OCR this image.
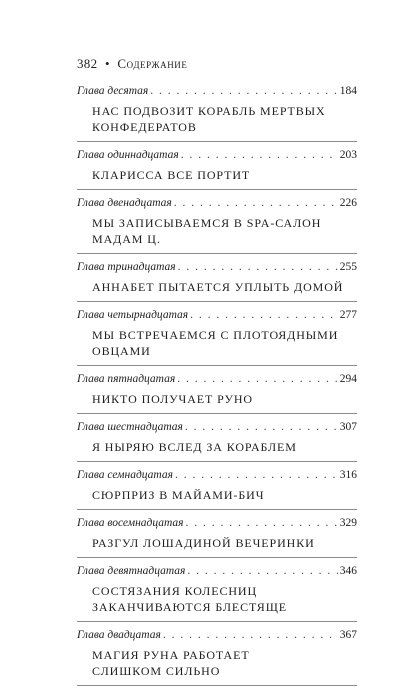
382 • Содержание
Глава десятая . . .	184
НАС ПОДВОЗИТ КОРАБЛЬ МЕРТВЫХ
КОНФЕДЕРАТОВ
Глава одиннадцатая . . .	203
КЛАРИССА ВСЕ ПОРТИТ
Глава двенадцатая . . .	226
МЫ ЗАПИСЫВАЕМСЯ В SPA-САЛОН
МАДАМ Ц.
Глава тринадцатая . . .	255
АННАБЕТ ПЫТАЕТСЯ УПЛЫТЬ ДОМОЙ
Глава четырнадцатая . . .	277
МЫ ВСТРЕЧАЕМСЯ С ПЛОТОЯДНЫМИ
ОВЦАМИ
Глава пятнадцатая . . .	294
НИКТО ПОЛУЧАЕТ РУНО
Глава шестнадцатая . . .	307
Я НЫРЯЮ ВСЛЕД ЗА КОРАБЛЕМ
Глава семнадцатая . . .	316
СЮРПРИЗ В МАЙАМИ-БИЧ
Глава восемнадцатая . . .	329
РАЗГУЛ ЛОШАДИНОЙ ВЕЧЕРИНКИ
Глава девятнадцатая . . .	346
СОСТЯЗАНИЯ КОЛЕСНИЦ
ЗАКАНЧИВАЮТСЯ БЛЕСТЯЩЕ
Глава двадцатая . . .	367
МАГИЯ РУНА РАБОТАЕТ
СЛИШКОМ СИЛЬНО
